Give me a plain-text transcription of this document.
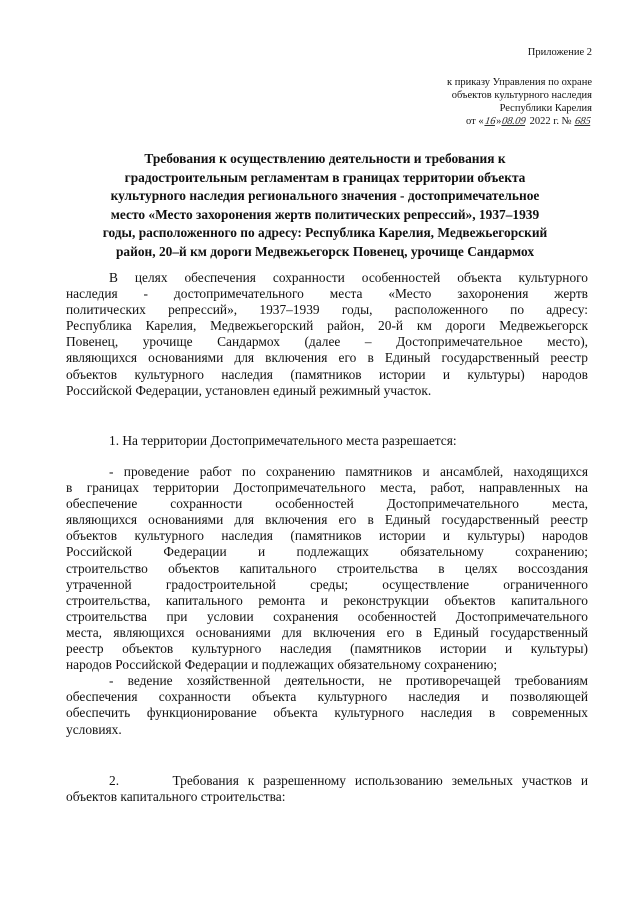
Приложение 2
к приказу Управления по охране
объектов культурного наследия
Республики Карелия
от «16»08.09 2022 г. № 685
Требования к осуществлению деятельности и требования к
градостроительным регламентам в границах территории объекта
культурного наследия регионального значения - достопримечательное
место «Место захоронения жертв политических репрессий», 1937–1939
годы, расположенного по адресу: Республика Карелия, Медвежьегорский
район, 20–й км дороги Медвежьегорск Повенец, урочище Сандармох
В целях обеспечения сохранности особенностей объекта культурного
наследия - достопримечательного места «Место захоронения жертв
политических репрессий», 1937–1939 годы, расположенного по адресу:
Республика Карелия, Медвежьегорский район, 20-й км дороги Медвежьегорск
Повенец, урочище Сандармох (далее – Достопримечательное место),
являющихся основаниями для включения его в Единый государственный реестр
объектов культурного наследия (памятников истории и культуры) народов
Российской Федерации, установлен единый режимный участок.
1. На территории Достопримечательного места разрешается:
- проведение работ по сохранению памятников и ансамблей, находящихся
в границах территории Достопримечательного места, работ, направленных на
обеспечение сохранности особенностей Достопримечательного места,
являющихся основаниями для включения его в Единый государственный реестр
объектов культурного наследия (памятников истории и культуры) народов
Российской Федерации и подлежащих обязательному сохранению;
строительство объектов капитального строительства в целях воссоздания
утраченной градостроительной среды; осуществление ограниченного
строительства, капитального ремонта и реконструкции объектов капитального
строительства при условии сохранения особенностей Достопримечательного
места, являющихся основаниями для включения его в Единый государственный
реестр объектов культурного наследия (памятников истории и культуры)
народов Российской Федерации и подлежащих обязательному сохранению;
- ведение хозяйственной деятельности, не противоречащей требованиям
обеспечения сохранности объекта культурного наследия и позволяющей
обеспечить функционирование объекта культурного наследия в современных
условиях.
2.      Требования к разрешенному использованию земельных участков и
объектов капитального строительства:
